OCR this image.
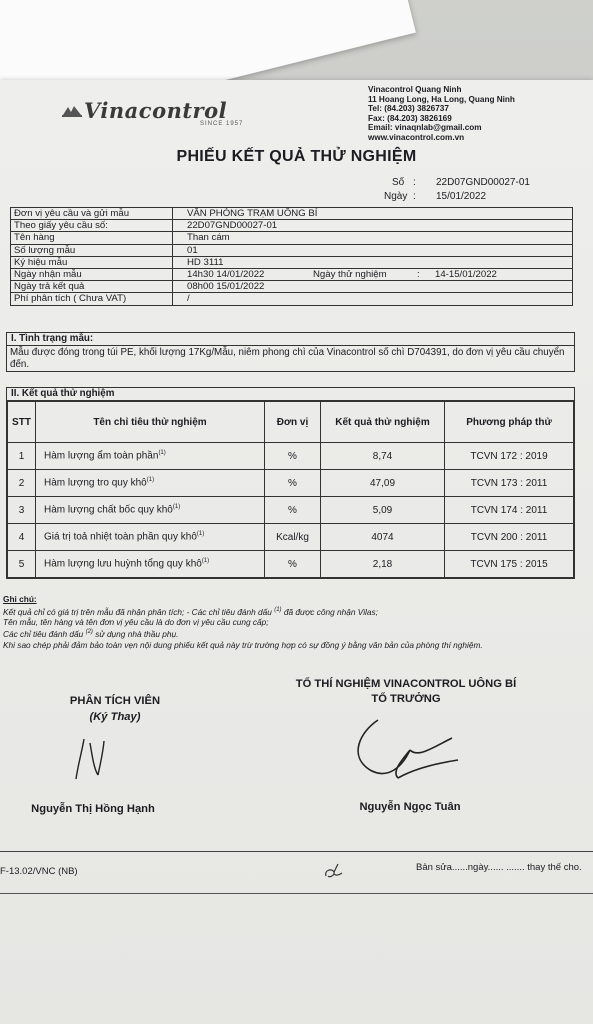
Vinacontrol
SINCE 1957
Vinacontrol Quang Ninh
11 Hoang Long, Ha Long, Quang Ninh
Tel: (84.203) 3826737
Fax: (84.203) 3826169
Email: vinaqnlab@gmail.com
www.vinacontrol.com.vn
PHIẾU KẾT QUẢ THỬ NGHIỆM
Số : 22D07GND00027-01
Ngày : 15/01/2022
Đơn vị yêu cầu và gửi mẫu	VĂN PHÒNG TRẠM UÔNG BÍ
Theo giấy yêu cầu số:	22D07GND00027-01
Tên hàng	Than cám
Số lượng mẫu	01
Ký hiệu mẫu	HD 3111
Ngày nhận mẫu	14h30 14/01/2022	Ngày thử nghiệm	:	14-15/01/2022
Ngày trả kết quả	08h00 15/01/2022
Phí phân tích ( Chưa VAT)	/
I. Tình trạng mẫu:
Mẫu được đóng trong túi PE, khối lượng 17Kg/Mẫu, niêm phong chì của Vinacontrol số chì D704391, do đơn vị yêu cầu chuyển đến.
II. Kết quả thử nghiệm
STT	Tên chỉ tiêu thử nghiệm	Đơn vị	Kết quả thử nghiệm	Phương pháp thử
1	Hàm lượng ẩm toàn phần$^{(1)}$	%	8,74	TCVN 172 : 2019
2	Hàm lượng tro quy khô$^{(1)}$	%	47,09	TCVN 173 : 2011
3	Hàm lượng chất bốc quy khô$^{(1)}$	%	5,09	TCVN 174 : 2011
4	Giá trị toả nhiệt toàn phần quy khô$^{(1)}$	Kcal/kg	4074	TCVN 200 : 2011
5	Hàm lượng lưu huỳnh tổng quy khô$^{(1)}$	%	2,18	TCVN 175 : 2015
Ghi chú:
Kết quả chỉ có giá trị trên mẫu đã nhận phân tích; - Các chỉ tiêu đánh dấu $^{(1)}$ đã được công nhận Vilas;
Tên mẫu, tên hàng và tên đơn vị yêu cầu là do đơn vị yêu cầu cung cấp;
Các chỉ tiêu đánh dấu $^{(2)}$ sử dụng nhà thầu phụ.
Khi sao chép phải đảm bảo toàn vẹn nội dung phiếu kết quả này trừ trường hợp có sự đồng ý bằng văn bản của phòng thí nghiệm.
PHÂN TÍCH VIÊN
(Ký Thay)
TỔ THÍ NGHIỆM VINACONTROL UÔNG BÍ
TỔ TRƯỞNG
Nguyễn Thị Hồng Hạnh	Nguyễn Ngọc Tuân
F-13.02/VNC (NB)	Bản sửa......ngày...... ....... thay thế cho.
